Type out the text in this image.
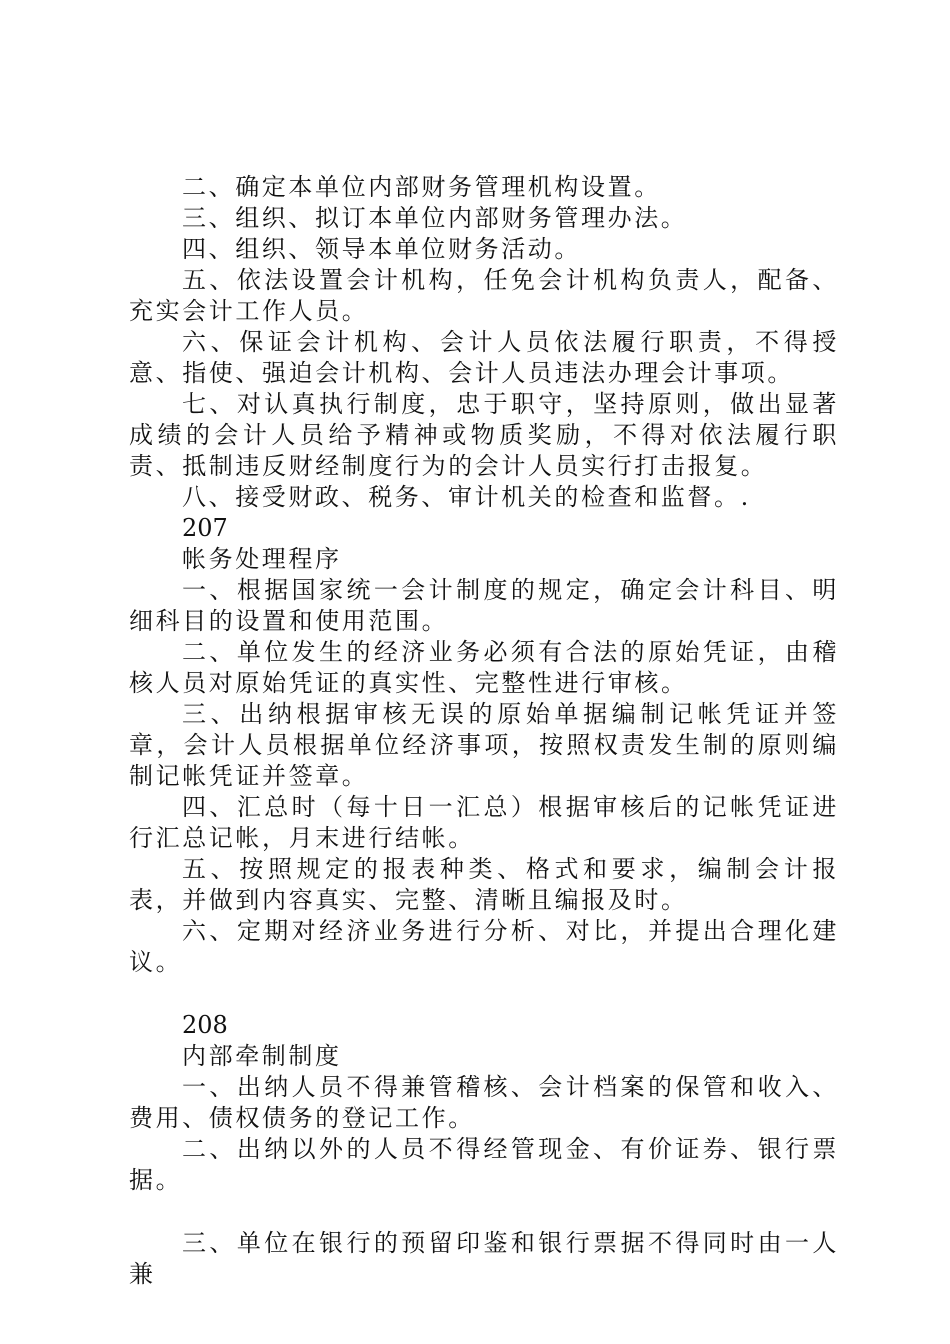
二、确定本单位内部财务管理机构设置。

三、组织、拟订本单位内部财务管理办法。

四、组织、领导本单位财务活动。

五、依法设置会计机构，任免会计机构负责人，配备、充实会计工作人员。

六、保证会计机构、会计人员依法履行职责，不得授意、指使、强迫会计机构、会计人员违法办理会计事项。

七、对认真执行制度，忠于职守，坚持原则，做出显著成绩的会计人员给予精神或物质奖励，不得对依法履行职责、抵制违反财经制度行为的会计人员实行打击报复。

八、接受财政、税务、审计机关的检查和监督。.

207

帐务处理程序

一、根据国家统一会计制度的规定，确定会计科目、明细科目的设置和使用范围。

二、单位发生的经济业务必须有合法的原始凭证，由稽核人员对原始凭证的真实性、完整性进行审核。

三、出纳根据审核无误的原始单据编制记帐凭证并签章，会计人员根据单位经济事项，按照权责发生制的原则编制记帐凭证并签章。

四、汇总时（每十日一汇总）根据审核后的记帐凭证进行汇总记帐，月末进行结帐。

五、按照规定的报表种类、格式和要求，编制会计报表，并做到内容真实、完整、清晰且编报及时。

六、定期对经济业务进行分析、对比，并提出合理化建议。

208

内部牵制制度

一、出纳人员不得兼管稽核、会计档案的保管和收入、费用、债权债务的登记工作。

二、出纳以外的人员不得经管现金、有价证券、银行票据。

三、单位在银行的预留印鉴和银行票据不得同时由一人兼
